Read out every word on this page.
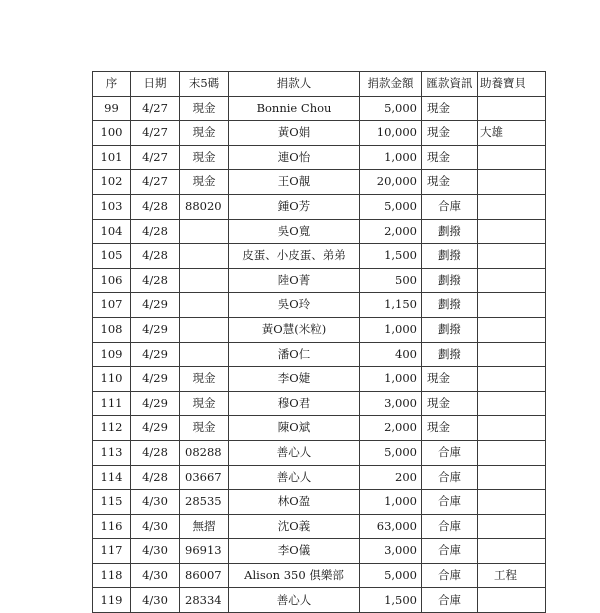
序	日期	末5碼	捐款人	捐款金額	匯款資訊	助養寶貝
99	4/27	現金	Bonnie Chou	5,000	現金	
100	4/27	現金	黃O娟	10,000	現金	大雄
101	4/27	現金	連O怡	1,000	現金	
102	4/27	現金	王O靚	20,000	現金	
103	4/28	88020	鍾O芳	5,000	合庫	
104	4/28		吳O寬	2,000	劃撥	
105	4/28		皮蛋、小皮蛋、弟弟	1,500	劃撥	
106	4/28		陸O菁	500	劃撥	
107	4/29		吳O玲	1,150	劃撥	
108	4/29		黃O慧(米粒)	1,000	劃撥	
109	4/29		潘O仁	400	劃撥	
110	4/29	現金	李O婕	1,000	現金	
111	4/29	現金	穆O君	3,000	現金	
112	4/29	現金	陳O斌	2,000	現金	
113	4/28	08288	善心人	5,000	合庫	
114	4/28	03667	善心人	200	合庫	
115	4/30	28535	林O盈	1,000	合庫	
116	4/30	無摺	沈O義	63,000	合庫	
117	4/30	96913	李O儀	3,000	合庫	
118	4/30	86007	Alison 350 俱樂部	5,000	合庫	工程
119	4/30	28334	善心人	1,500	合庫	
